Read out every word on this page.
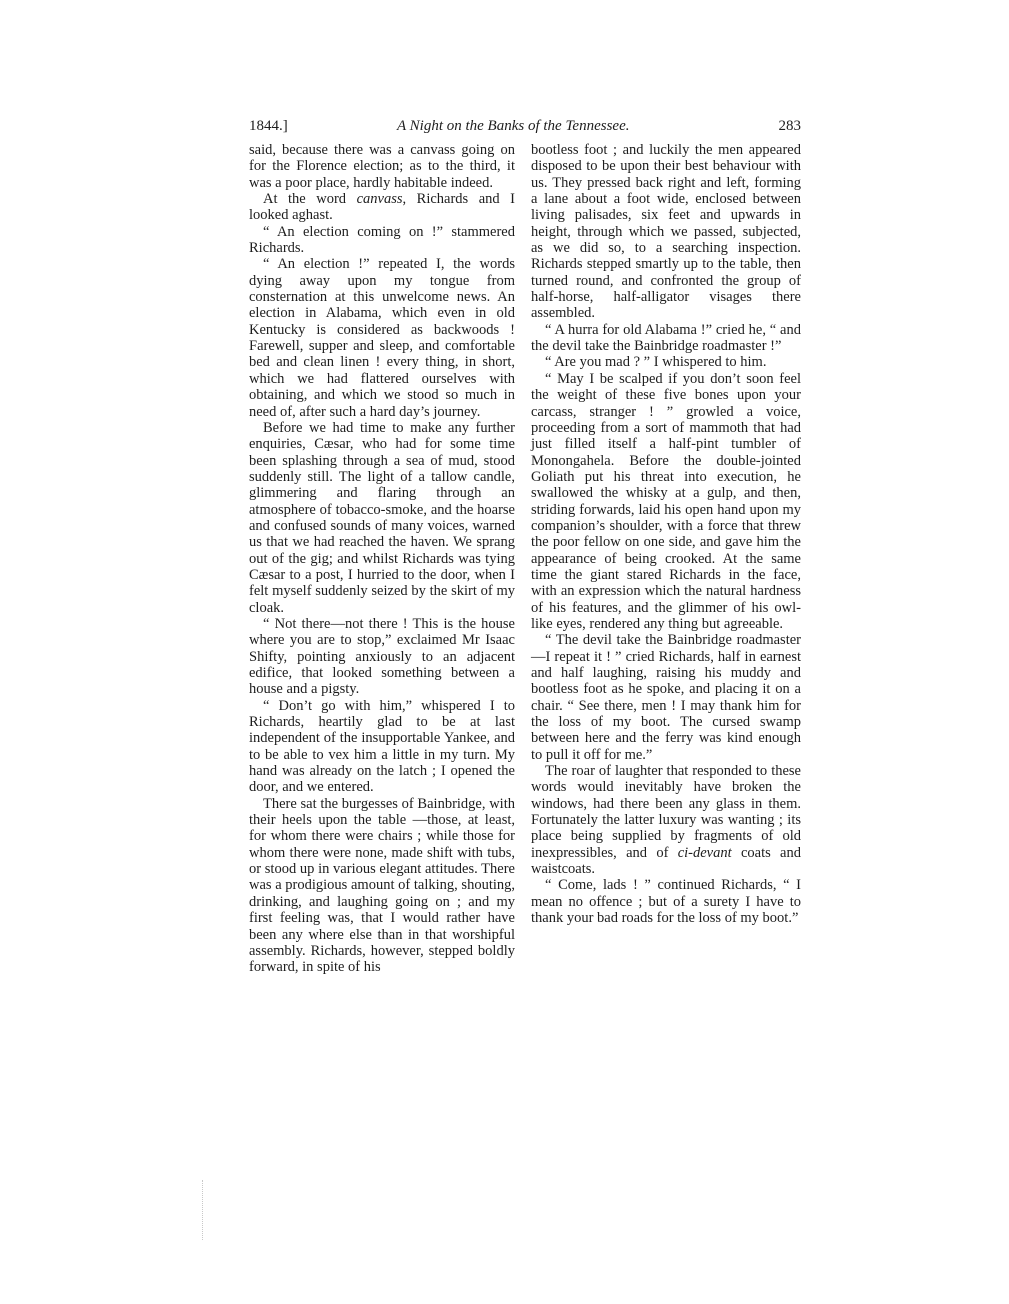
1844.]	A Night on the Banks of the Tennessee.	283

said, because there was a canvass going on for the Florence election; as to the third, it was a poor place, hardly habitable indeed.

At the word canvass, Richards and I looked aghast.

“ An election coming on !” stammered Richards.

“ An election !” repeated I, the words dying away upon my tongue from consternation at this unwelcome news. An election in Alabama, which even in old Kentucky is considered as backwoods ! Farewell, supper and sleep, and comfortable bed and clean linen ! every thing, in short, which we had flattered ourselves with obtaining, and which we stood so much in need of, after such a hard day’s journey.

Before we had time to make any further enquiries, Cæsar, who had for some time been splashing through a sea of mud, stood suddenly still. The light of a tallow candle, glimmering and flaring through an atmosphere of tobacco-smoke, and the hoarse and confused sounds of many voices, warned us that we had reached the haven. We sprang out of the gig; and whilst Richards was tying Cæsar to a post, I hurried to the door, when I felt myself suddenly seized by the skirt of my cloak.

“ Not there—not there ! This is the house where you are to stop,” exclaimed Mr Isaac Shifty, pointing anxiously to an adjacent edifice, that looked something between a house and a pigsty.

“ Don’t go with him,” whispered I to Richards, heartily glad to be at last independent of the insupportable Yankee, and to be able to vex him a little in my turn. My hand was already on the latch ; I opened the door, and we entered.

There sat the burgesses of Bainbridge, with their heels upon the table —those, at least, for whom there were chairs ; while those for whom there were none, made shift with tubs, or stood up in various elegant attitudes. There was a prodigious amount of talking, shouting, drinking, and laughing going on ; and my first feeling was, that I would rather have been any where else than in that worshipful assembly. Richards, however, stepped boldly forward, in spite of his

bootless foot ; and luckily the men appeared disposed to be upon their best behaviour with us. They pressed back right and left, forming a lane about a foot wide, enclosed between living palisades, six feet and upwards in height, through which we passed, subjected, as we did so, to a searching inspection. Richards stepped smartly up to the table, then turned round, and confronted the group of half-horse, half-alligator visages there assembled.

“ A hurra for old Alabama !” cried he, “ and the devil take the Bainbridge roadmaster !”

“ Are you mad ? ” I whispered to him.

“ May I be scalped if you don’t soon feel the weight of these five bones upon your carcass, stranger ! ” growled a voice, proceeding from a sort of mammoth that had just filled itself a half-pint tumbler of Monongahela. Before the double-jointed Goliath put his threat into execution, he swallowed the whisky at a gulp, and then, striding forwards, laid his open hand upon my companion’s shoulder, with a force that threw the poor fellow on one side, and gave him the appearance of being crooked. At the same time the giant stared Richards in the face, with an expression which the natural hardness of his features, and the glimmer of his owl-like eyes, rendered any thing but agreeable.

“ The devil take the Bainbridge roadmaster—I repeat it ! ” cried Richards, half in earnest and half laughing, raising his muddy and bootless foot as he spoke, and placing it on a chair. “ See there, men ! I may thank him for the loss of my boot. The cursed swamp between here and the ferry was kind enough to pull it off for me.”

The roar of laughter that responded to these words would inevitably have broken the windows, had there been any glass in them. Fortunately the latter luxury was wanting ; its place being supplied by fragments of old inexpressibles, and of ci-devant coats and waistcoats.

“ Come, lads ! ” continued Richards, “ I mean no offence ; but of a surety I have to thank your bad roads for the loss of my boot.”
